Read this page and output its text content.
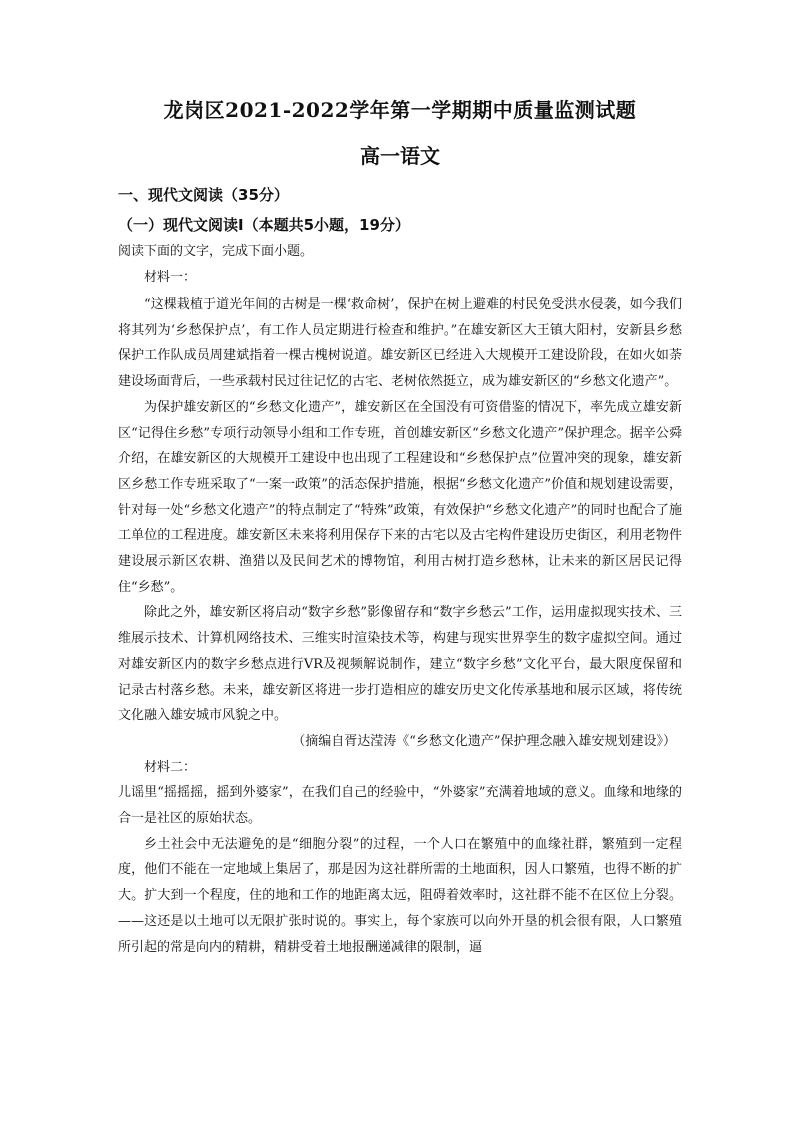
龙岗区2021-2022学年第一学期期中质量监测试题
高一语文
一、现代文阅读（35分）
（一）现代文阅读Ⅰ（本题共5小题，19分）
阅读下面的文字，完成下面小题。
材料一：

“这棵栽植于道光年间的古树是一棵‘救命树’，保护在树上避难的村民免受洪水侵袭，如今我们将其列为‘乡愁保护点’，有工作人员定期进行检查和维护。”在雄安新区大王镇大阳村，安新县乡愁保护工作队成员周建斌指着一棵古槐树说道。雄安新区已经进入大规模开工建设阶段，在如火如荼建设场面背后，一些承载村民过往记忆的古宅、老树依然挺立，成为雄安新区的“乡愁文化遗产”。

为保护雄安新区的“乡愁文化遗产”，雄安新区在全国没有可资借鉴的情况下，率先成立雄安新区“记得住乡愁”专项行动领导小组和工作专班，首创雄安新区“乡愁文化遗产”保护理念。据辛公舜介绍，在雄安新区的大规模开工建设中也出现了工程建设和“乡愁保护点”位置冲突的现象，雄安新区乡愁工作专班采取了“一案一政策”的活态保护措施，根据“乡愁文化遗产”价值和规划建设需要，针对每一处“乡愁文化遗产”的特点制定了“特殊”政策，有效保护“乡愁文化遗产”的同时也配合了施工单位的工程进度。雄安新区未来将利用保存下来的古宅以及古宅构件建设历史街区，利用老物件建设展示新区农耕、渔猎以及民间艺术的博物馆，利用古树打造乡愁林，让未来的新区居民记得住“乡愁”。

除此之外，雄安新区将启动“数字乡愁”影像留存和“数字乡愁云”工作，运用虚拟现实技术、三维展示技术、计算机网络技术、三维实时渲染技术等，构建与现实世界孪生的数字虚拟空间。通过对雄安新区内的数字乡愁点进行VR及视频解说制作，建立“数字乡愁”文化平台，最大限度保留和记录古村落乡愁。未来，雄安新区将进一步打造相应的雄安历史文化传承基地和展示区域，将传统文化融入雄安城市风貌之中。

（摘编自胥达滢涛《“乡愁文化遗产”保护理念融入雄安规划建设》）
材料二：

儿谣里“摇摇摇，摇到外婆家”，在我们自己的经验中，“外婆家”充满着地域的意义。血缘和地缘的合一是社区的原始状态。

乡土社会中无法避免的是“细胞分裂”的过程，一个人口在繁殖中的血缘社群，繁殖到一定程度，他们不能在一定地域上集居了，那是因为这社群所需的土地面积，因人口繁殖，也得不断的扩大。扩大到一个程度，住的地和工作的地距离太远，阻碍着效率时，这社群不能不在区位上分裂。——这还是以土地可以无限扩张时说的。事实上，每个家族可以向外开垦的机会很有限，人口繁殖所引起的常是向内的精耕，精耕受着土地报酬递减律的限制，逼
